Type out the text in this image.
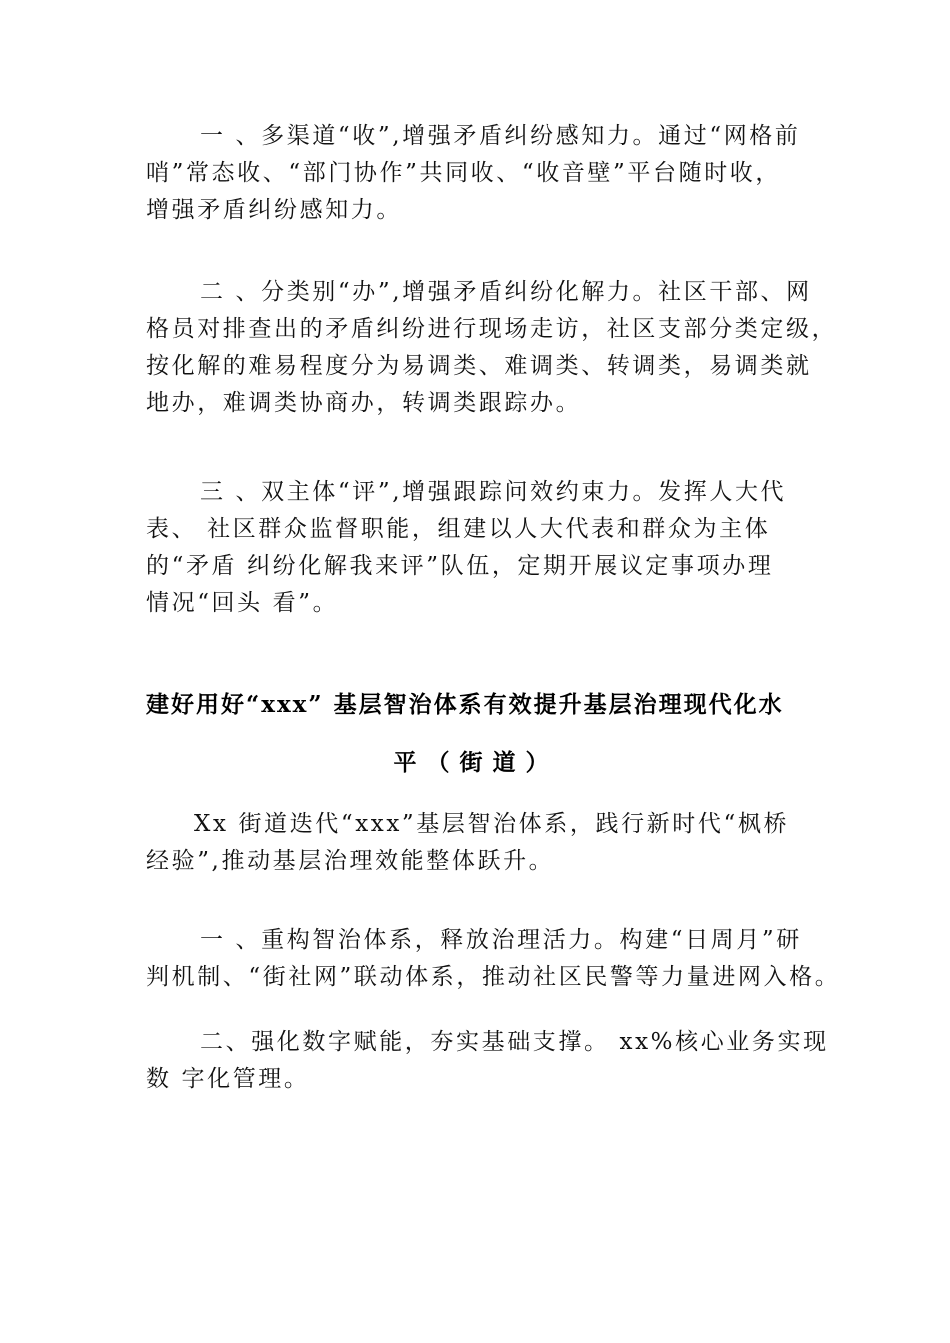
一 、多渠道“收”,增强矛盾纠纷感知力。通过“网格前
哨”常态收、“部门协作”共同收、“收音壁”平台随时收，
增强矛盾纠纷感知力。
二 、分类别“办”,增强矛盾纠纷化解力。社区干部、网
格员对排查出的矛盾纠纷进行现场走访，社区支部分类定级，
按化解的难易程度分为易调类、难调类、转调类，易调类就
地办，难调类协商办，转调类跟踪办。
三 、双主体“评”,增强跟踪问效约束力。发挥人大代
表、 社区群众监督职能，组建以人大代表和群众为主体
的“矛盾 纠纷化解我来评”队伍，定期开展议定事项办理
情况“回头 看”。
建好用好“xxx” 基层智治体系有效提升基层治理现代化水
平（街道）
Xx 街道迭代“xxx”基层智治体系，践行新时代“枫桥
经验”,推动基层治理效能整体跃升。
一 、重构智治体系，释放治理活力。构建“日周月”研
判机制、“街社网”联动体系，推动社区民警等力量进网入格。
二、强化数字赋能，夯实基础支撑。 xx%核心业务实现
数 字化管理。
